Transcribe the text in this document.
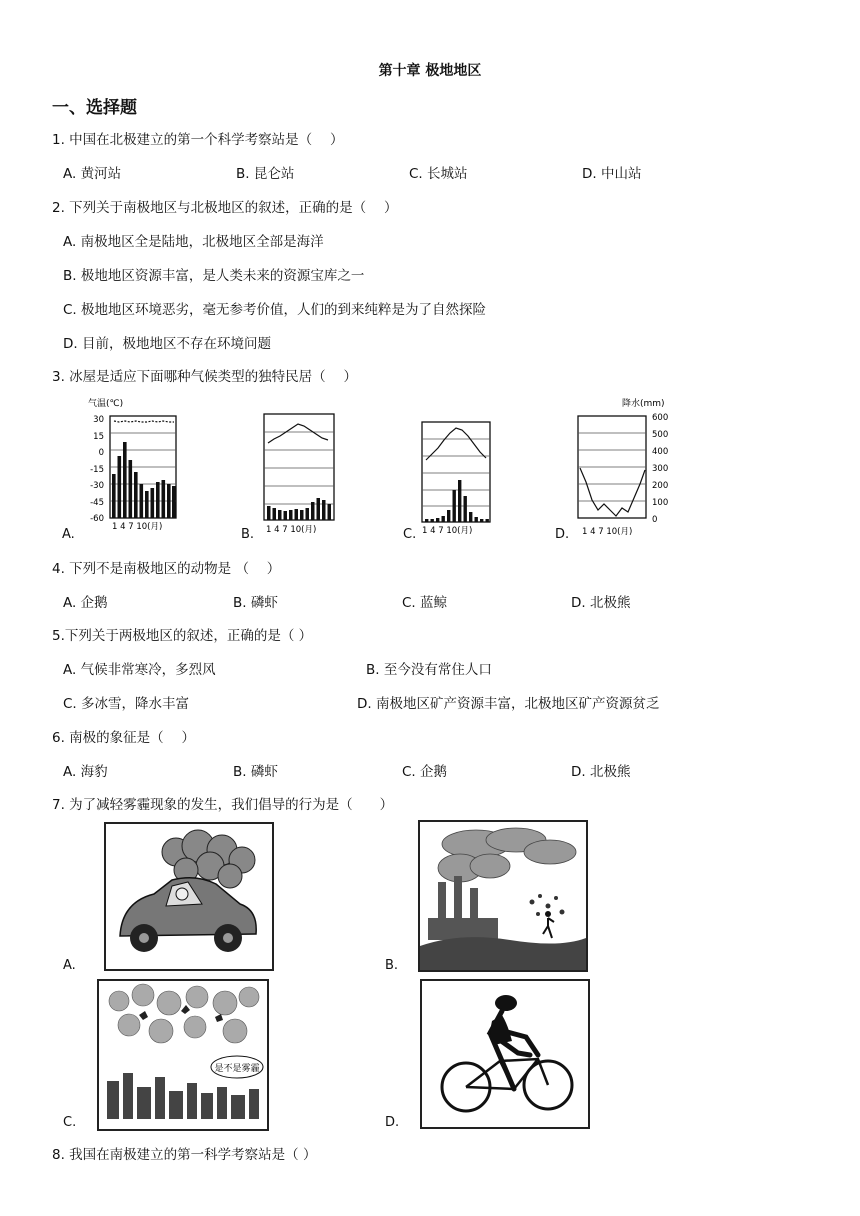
第十章 极地地区
一、选择题
1. 中国在北极建立的第一个科学考察站是（　 ）
A. 黄河站	B. 昆仑站	C. 长城站	D. 中山站
2. 下列关于南极地区与北极地区的叙述，正确的是（　 ）
A. 南极地区全是陆地，北极地区全部是海洋
B. 极地地区资源丰富，是人类未来的资源宝库之一
C. 极地地区环境恶劣，毫无参考价值，人们的到来纯粹是为了自然探险
D. 目前，极地地区不存在环境问题
3. 冰屋是适应下面哪种气候类型的独特民居（　 ）
气温(℃)
30
15
0
-15
-30
-45
-60
1 4 7 10(月)
A.	1 4 7 10(月)
B.	1 4 7 10(月)
C.
降水(mm)
600
500
400
300
200
100
0
1 4 7 10(月)
D.
4. 下列不是南极地区的动物是 （　 ）
A. 企鹅	B. 磷虾	C. 蓝鲸	D. 北极熊
5.下列关于两极地区的叙述，正确的是（ ）
A. 气候非常寒冷，多烈风	B. 至今没有常住人口
C. 多冰雪，降水丰富	D. 南极地区矿产资源丰富，北极地区矿产资源贫乏
6. 南极的象征是（　 ）
A. 海豹	B. 磷虾	C. 企鹅	D. 北极熊
7. 为了减轻雾霾现象的发生，我们倡导的行为是（　　）
A.	B.
是不是雾霾
C.	D.
8. 我国在南极建立的第一科学考察站是（ ）
